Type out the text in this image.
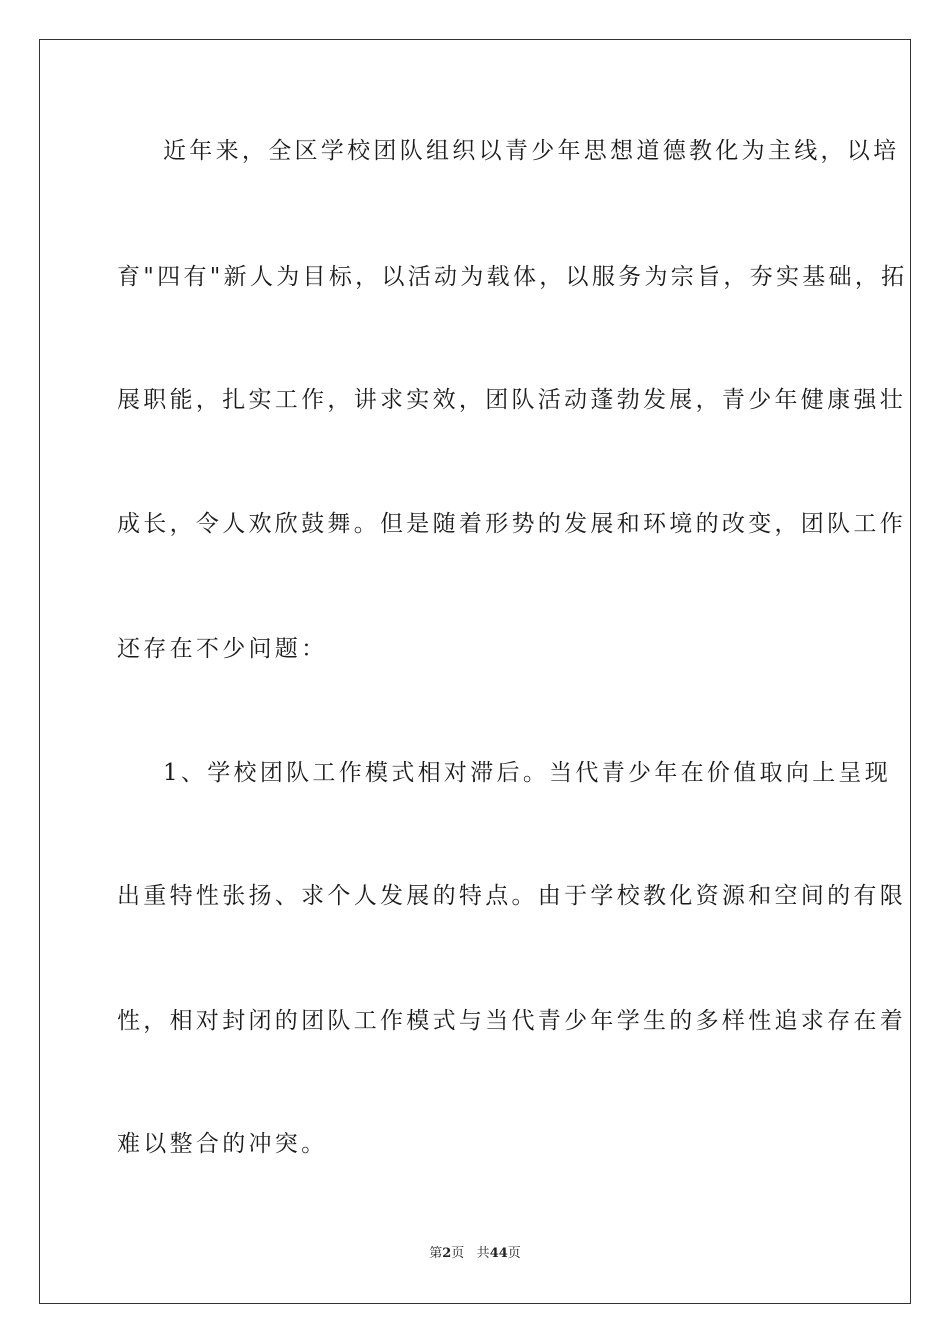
近年来，全区学校团队组织以青少年思想道德教化为主线，以培
育"四有"新人为目标，以活动为载体，以服务为宗旨，夯实基础，拓
展职能，扎实工作，讲求实效，团队活动蓬勃发展，青少年健康强壮
成长，令人欢欣鼓舞。但是随着形势的发展和环境的改变，团队工作
还存在不少问题：
1、学校团队工作模式相对滞后。当代青少年在价值取向上呈现
出重特性张扬、求个人发展的特点。由于学校教化资源和空间的有限
性，相对封闭的团队工作模式与当代青少年学生的多样性追求存在着
难以整合的冲突。
第2页 共44页
